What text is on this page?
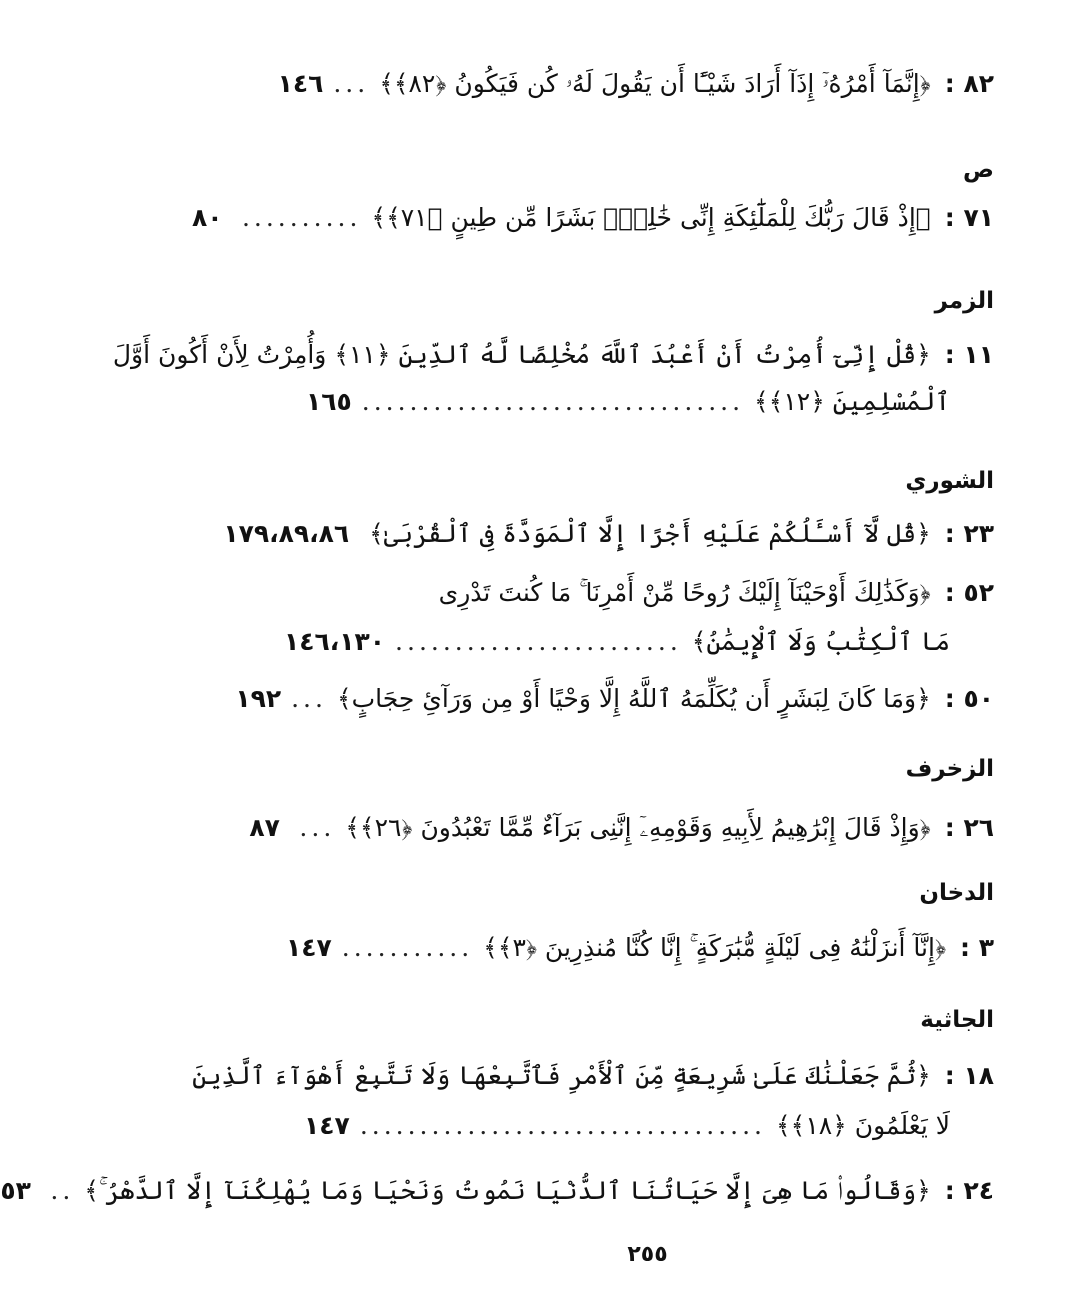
٨٢ :
﴿إِنَّمَآ أَمْرُهُۥٓ إِذَآ أَرَادَ شَيْـًٔا أَن يَقُولَ لَهُۥ كُن فَيَكُونُ ﴿٨٢﴾﴾
...
١٤٦
ص
٧١ :
﴿إِذْ قَالَ رَبُّكَ لِلْمَلَٰٓئِكَةِ إِنِّى خَٰلِقٌۢ بَشَرًا مِّن طِينٍ ﴿٧١﴾﴾
..........
٨٠
الزمر
١١ :
﴿قُلْ إِنِّىٓ أُمِرْتُ أَنْ أَعْبُدَ ٱللَّهَ مُخْلِصًا لَّهُ ٱلدِّينَ ﴿١١﴾ وَأُمِرْتُ لِأَنْ أَكُونَ أَوَّلَ
ٱلْمُسْلِمِينَ ﴿١٢﴾﴾
................................
١٦٥
الشوري
٢٣ :
﴿قُل لَّآ أَسْـَٔلُكُمْ عَلَيْهِ أَجْرًا إِلَّا ٱلْمَوَدَّةَ فِى ٱلْقُرْبَىٰ﴾
١٧٩،٨٩،٨٦
٥٢ :
﴿وَكَذَٰلِكَ أَوْحَيْنَآ إِلَيْكَ رُوحًا مِّنْ أَمْرِنَا ۚ مَا كُنتَ تَدْرِى
مَا ٱلْكِتَٰبُ وَلَا ٱلْإِيمَٰنُ﴾
........................
١٤٦،١٣٠
٥٠ :
﴿وَمَا كَانَ لِبَشَرٍ أَن يُكَلِّمَهُ ٱللَّهُ إِلَّا وَحْيًا أَوْ مِن وَرَآئِ حِجَابٍ﴾
...
١٩٢
الزخرف
٢٦ :
﴿وَإِذْ قَالَ إِبْرَٰهِيمُ لِأَبِيهِ وَقَوْمِهِۦٓ إِنَّنِى بَرَآءٌ مِّمَّا تَعْبُدُونَ ﴿٢٦﴾﴾
...
٨٧
الدخان
٣ :
﴿إِنَّآ أَنزَلْنَٰهُ فِى لَيْلَةٍ مُّبَٰرَكَةٍ ۚ إِنَّا كُنَّا مُنذِرِينَ ﴿٣﴾﴾
...........
١٤٧
الجاثية
١٨ :
﴿ثُمَّ جَعَلْنَٰكَ عَلَىٰ شَرِيعَةٍ مِّنَ ٱلْأَمْرِ فَٱتَّبِعْهَا وَلَا تَتَّبِعْ أَهْوَآءَ ٱلَّذِينَ
لَا يَعْلَمُونَ ﴿١٨﴾﴾
..................................
١٤٧
٢٤ :
﴿وَقَالُوا۟ مَا هِىَ إِلَّا حَيَاتُنَا ٱلدُّنْيَا نَمُوتُ وَنَحْيَا وَمَا يُهْلِكُنَآ إِلَّا ٱلدَّهْرُ ۚ﴾
..
٥٣
٢٥٥
